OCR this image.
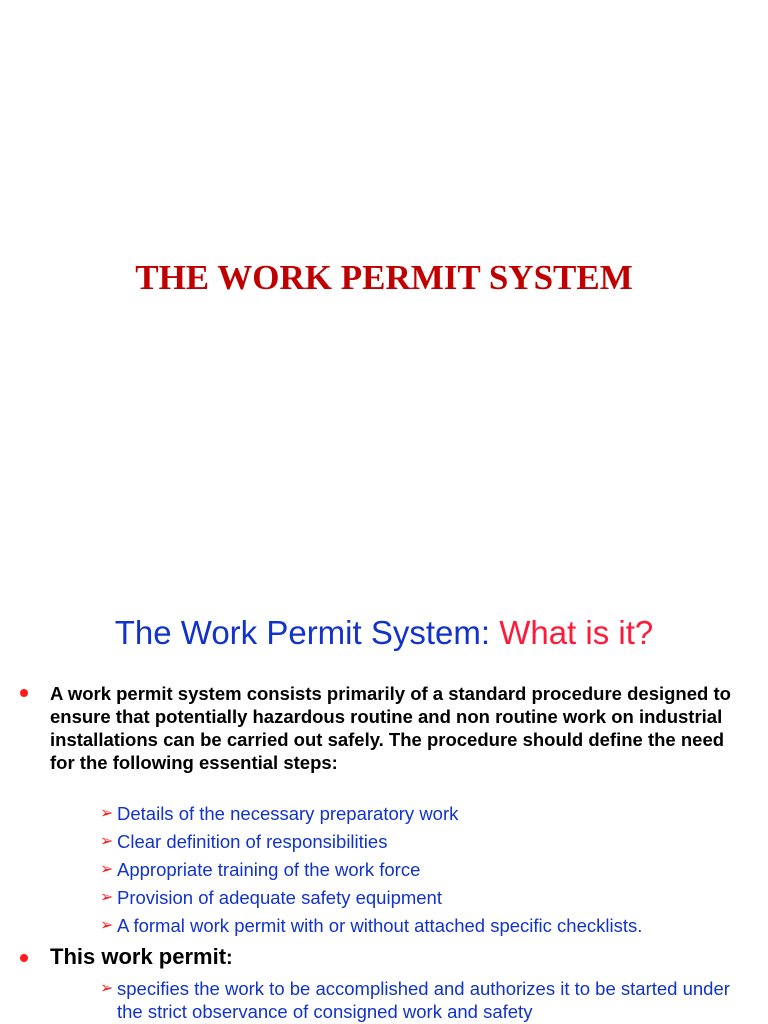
THE WORK PERMIT SYSTEM
The Work Permit System: What is it?
A work permit system consists primarily of a standard procedure designed to ensure that potentially hazardous routine and non routine work on industrial installations can be carried out safely. The procedure should define the need for the following essential steps:
➢ Details of the necessary preparatory work
➢ Clear definition of responsibilities
➢ Appropriate training of the work force
➢ Provision of adequate safety equipment
➢ A formal work permit with or without attached specific checklists.
This work permit:
➢ specifies the work to be accomplished and authorizes it to be started under the strict observance of consigned work and safety
